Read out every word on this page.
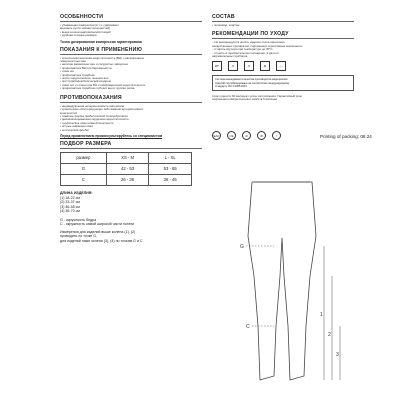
ОСОБЕННОСТИ
• убывающая компрессия (в т.ч. сдавливает
венозное русло нижних конечностей)
• выше колена анатомический покрой
• удобная посадка размера
Точно дозированная компрессия гарантирована
ПОКАЗАНИЯ К ПРИМЕНЕНИЮ
• хроническая венозная недостаточность (ВН) с расширением
поверхностных вен
• наличие варикозных вен и сосудистых звёздочек
• профилактика ВН при беременности
• отёки ног
• профилактика тромбоза
• после хирургического лечения вен
• посттромбофлебитический синдром
• отёки ног и голени при ВН и лимфовенозной недостаточности
• профилактика тромбоза глубоких вен в группах риска
ПРОТИВОПОКАЗАНИЯ
• индивидуальная непереносимость материала
• хронические облитерирующие заболевания артерий нижних
конечностей
• тяжёлые формы диабетической полинейропатии
• декомпенсированная сердечная недостаточность
• трофические язвы нижней конечности
• острые инфекции кожи
• септический флебит
Перед применением проконсультируйтесь со специалистом
ПОДБОР РАЗМЕРА
размер	XS - M	L - XL
G	42 - 53	53 - 65
C	26 - 36	36 - 45
ДЛИНА ИЗДЕЛИЯ:
(1) 18-22 см
(2) 33-37 см
(3) 46-48 см
(4) 36-70 см
G - окружность бедра
С - окружность самой широкой части голени
Измерения для изделий выше колена (1), (2)
проводить по точке G,
для изделий ниже колена (3), (4) по точкам G и С
СОСТАВ
• полиамид, эластан
РЕКОМЕНДАЦИИ ПО УХОДУ
– Не рекомендуется носить изделие после нанесения
лекарственных препаратов, содержащих агрессивные компоненты.
– Стирать вручную при температуре до 30°С.
– Сушить в горизонтальном положении, в дали от
нагревательных приборов.
30°	✕	✕	⊗	—
Система менеджмента качества производства медицинских
изделий сертифицирована на соответствие международному
стандарту ISO 13485:2016.
Срок годности 60 месяцев с даты изготовления. Гарантийный срок
сохранения компрессионных свойств 6 месяцев.
EAC	CE	⊘	♻	i	Printing of packing: 08.24
G
C
1
2
3
